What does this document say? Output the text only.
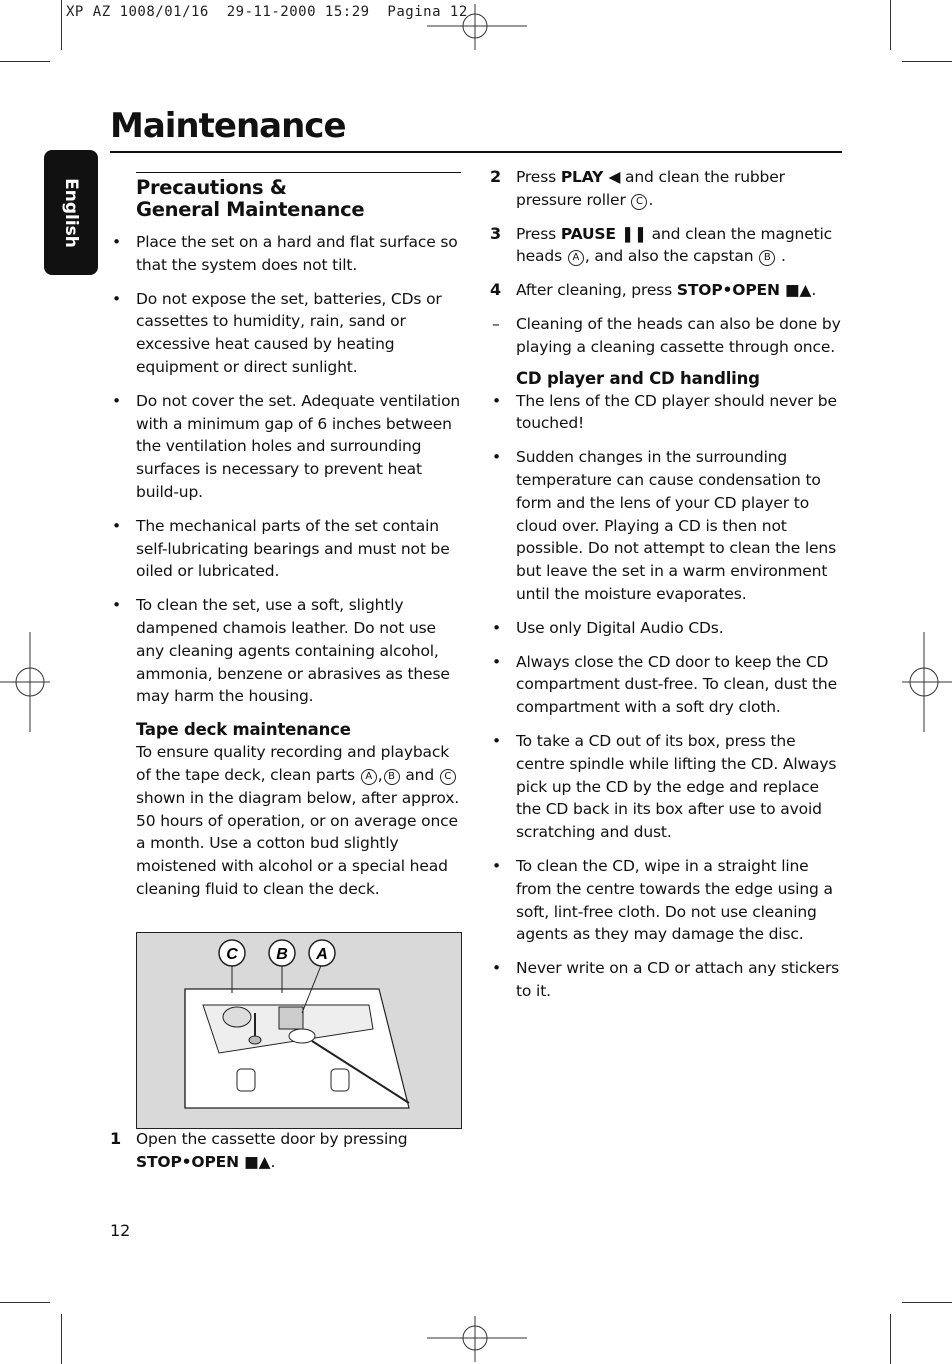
XP AZ 1008/01/16  29-11-2000 15:29  Pagina 12
Maintenance
English	Precautions &
General Maintenance
• Place the set on a hard and flat surface so that the system does not tilt.
• Do not expose the set, batteries, CDs or cassettes to humidity, rain, sand or excessive heat caused by heating equipment or direct sunlight.
• Do not cover the set. Adequate ventilation with a minimum gap of 6 inches between the ventilation holes and surrounding surfaces is necessary to prevent heat build-up.
• The mechanical parts of the set contain self-lubricating bearings and must not be oiled or lubricated.
• To clean the set, use a soft, slightly dampened chamois leather. Do not use any cleaning agents containing alcohol, ammonia, benzene or abrasives as these may harm the housing.
Tape deck maintenance
To ensure quality recording and playback of the tape deck, clean parts A , B and C shown in the diagram below, after approx. 50 hours of operation, or on average once a month. Use a cotton bud slightly moistened with alcohol or a special head cleaning fluid to clean the deck.
C B A
1 Open the cassette door by pressing
STOP•OPEN ■▲.
2 Press PLAY ◀ and clean the rubber pressure roller C .
3 Press PAUSE ❚❚ and clean the magnetic heads A , and also the capstan B .
4 After cleaning, press STOP•OPEN ■▲.
– Cleaning of the heads can also be done by playing a cleaning cassette through once.
CD player and CD handling
• The lens of the CD player should never be touched!
• Sudden changes in the surrounding temperature can cause condensation to form and the lens of your CD player to cloud over. Playing a CD is then not possible. Do not attempt to clean the lens but leave the set in a warm environment until the moisture evaporates.
• Use only Digital Audio CDs.
• Always close the CD door to keep the CD compartment dust-free. To clean, dust the compartment with a soft dry cloth.
• To take a CD out of its box, press the centre spindle while lifting the CD. Always pick up the CD by the edge and replace the CD back in its box after use to avoid scratching and dust.
• To clean the CD, wipe in a straight line from the centre towards the edge using a soft, lint-free cloth. Do not use cleaning agents as they may damage the disc.
• Never write on a CD or attach any stickers to it.
12
